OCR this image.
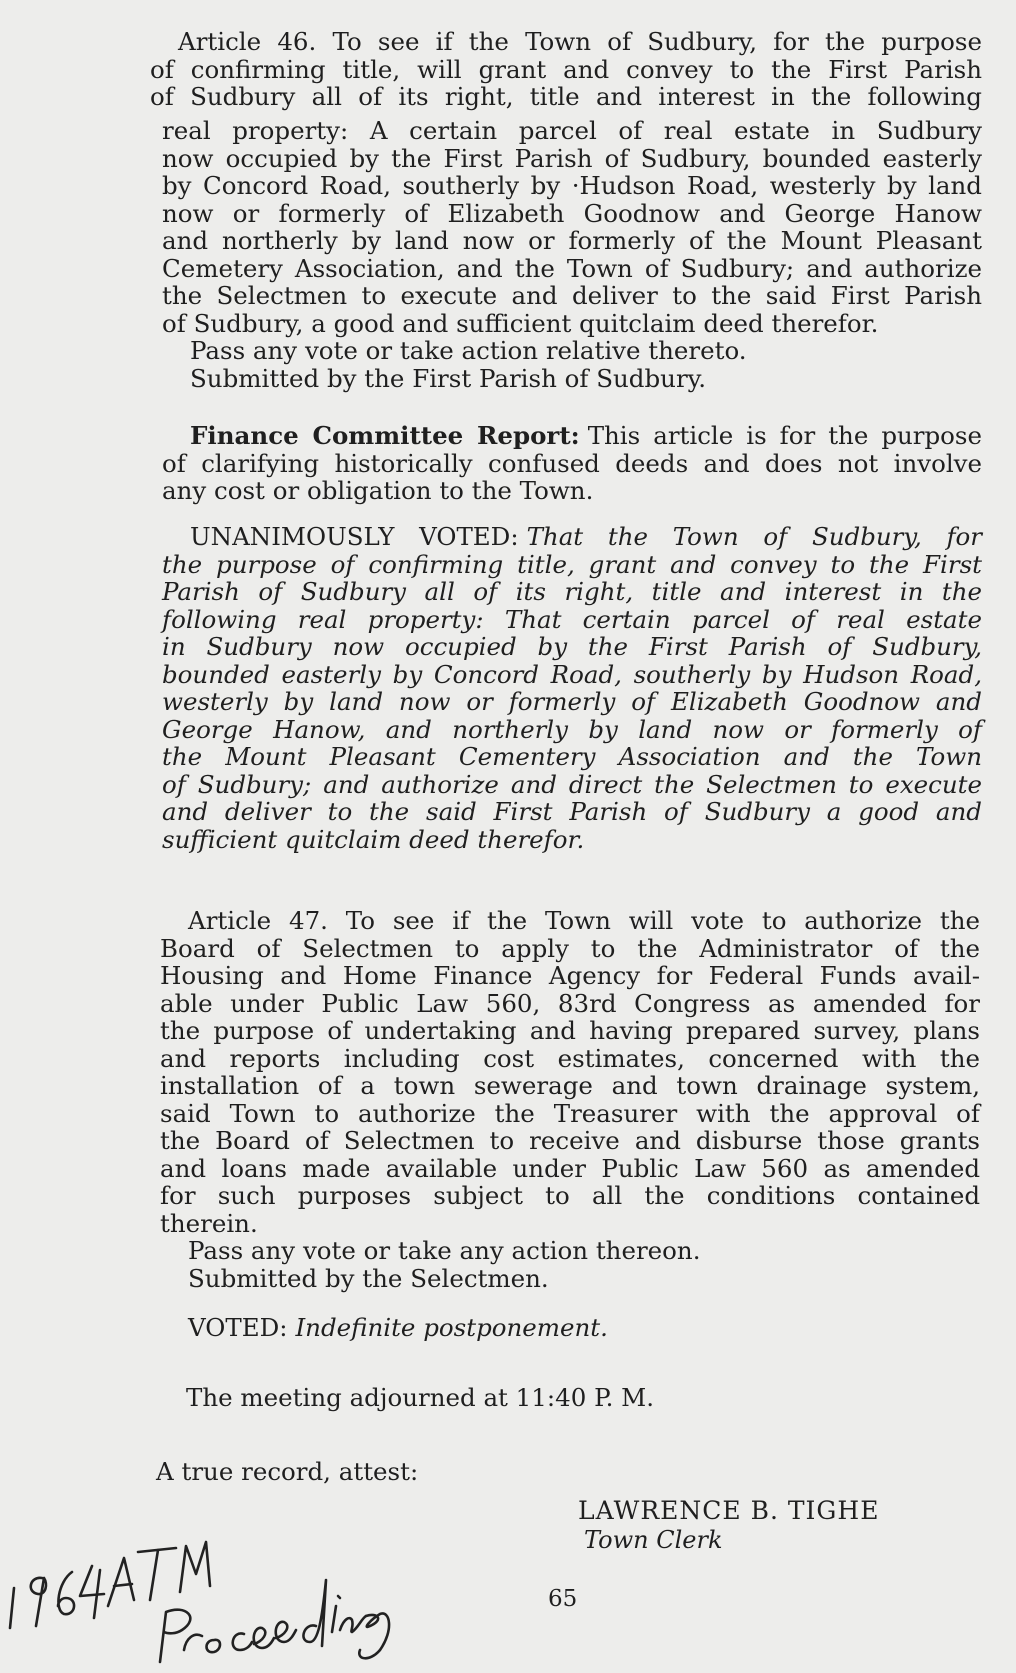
Article 46. To see if the Town of Sudbury, for the purpose
of confirming title, will grant and convey to the First Parish
of Sudbury all of its right, title and interest in the following
real property: A certain parcel of real estate in Sudbury
now occupied by the First Parish of Sudbury, bounded easterly
by Concord Road, southerly by ·Hudson Road, westerly by land
now or formerly of Elizabeth Goodnow and George Hanow
and northerly by land now or formerly of the Mount Pleasant
Cemetery Association, and the Town of Sudbury; and authorize
the Selectmen to execute and deliver to the said First Parish
of Sudbury, a good and sufficient quitclaim deed therefor.
Pass any vote or take action relative thereto.
Submitted by the First Parish of Sudbury.
Finance Committee Report: This article is for the purpose
of clarifying historically confused deeds and does not involve
any cost or obligation to the Town.
UNANIMOUSLY VOTED: That the Town of Sudbury, for
the purpose of confirming title, grant and convey to the First
Parish of Sudbury all of its right, title and interest in the
following real property: That certain parcel of real estate
in Sudbury now occupied by the First Parish of Sudbury,
bounded easterly by Concord Road, southerly by Hudson Road,
westerly by land now or formerly of Elizabeth Goodnow and
George Hanow, and northerly by land now or formerly of
the Mount Pleasant Cementery Association and the Town
of Sudbury; and authorize and direct the Selectmen to execute
and deliver to the said First Parish of Sudbury a good and
sufficient quitclaim deed therefor.
Article 47. To see if the Town will vote to authorize the
Board of Selectmen to apply to the Administrator of the
Housing and Home Finance Agency for Federal Funds avail-
able under Public Law 560, 83rd Congress as amended for
the purpose of undertaking and having prepared survey, plans
and reports including cost estimates, concerned with the
installation of a town sewerage and town drainage system,
said Town to authorize the Treasurer with the approval of
the Board of Selectmen to receive and disburse those grants
and loans made available under Public Law 560 as amended
for such purposes subject to all the conditions contained
therein.
Pass any vote or take any action thereon.
Submitted by the Selectmen.
VOTED: Indefinite postponement.
The meeting adjourned at 11:40 P. M.
A true record, attest:
LAWRENCE B. TIGHE
Town Clerk
65
